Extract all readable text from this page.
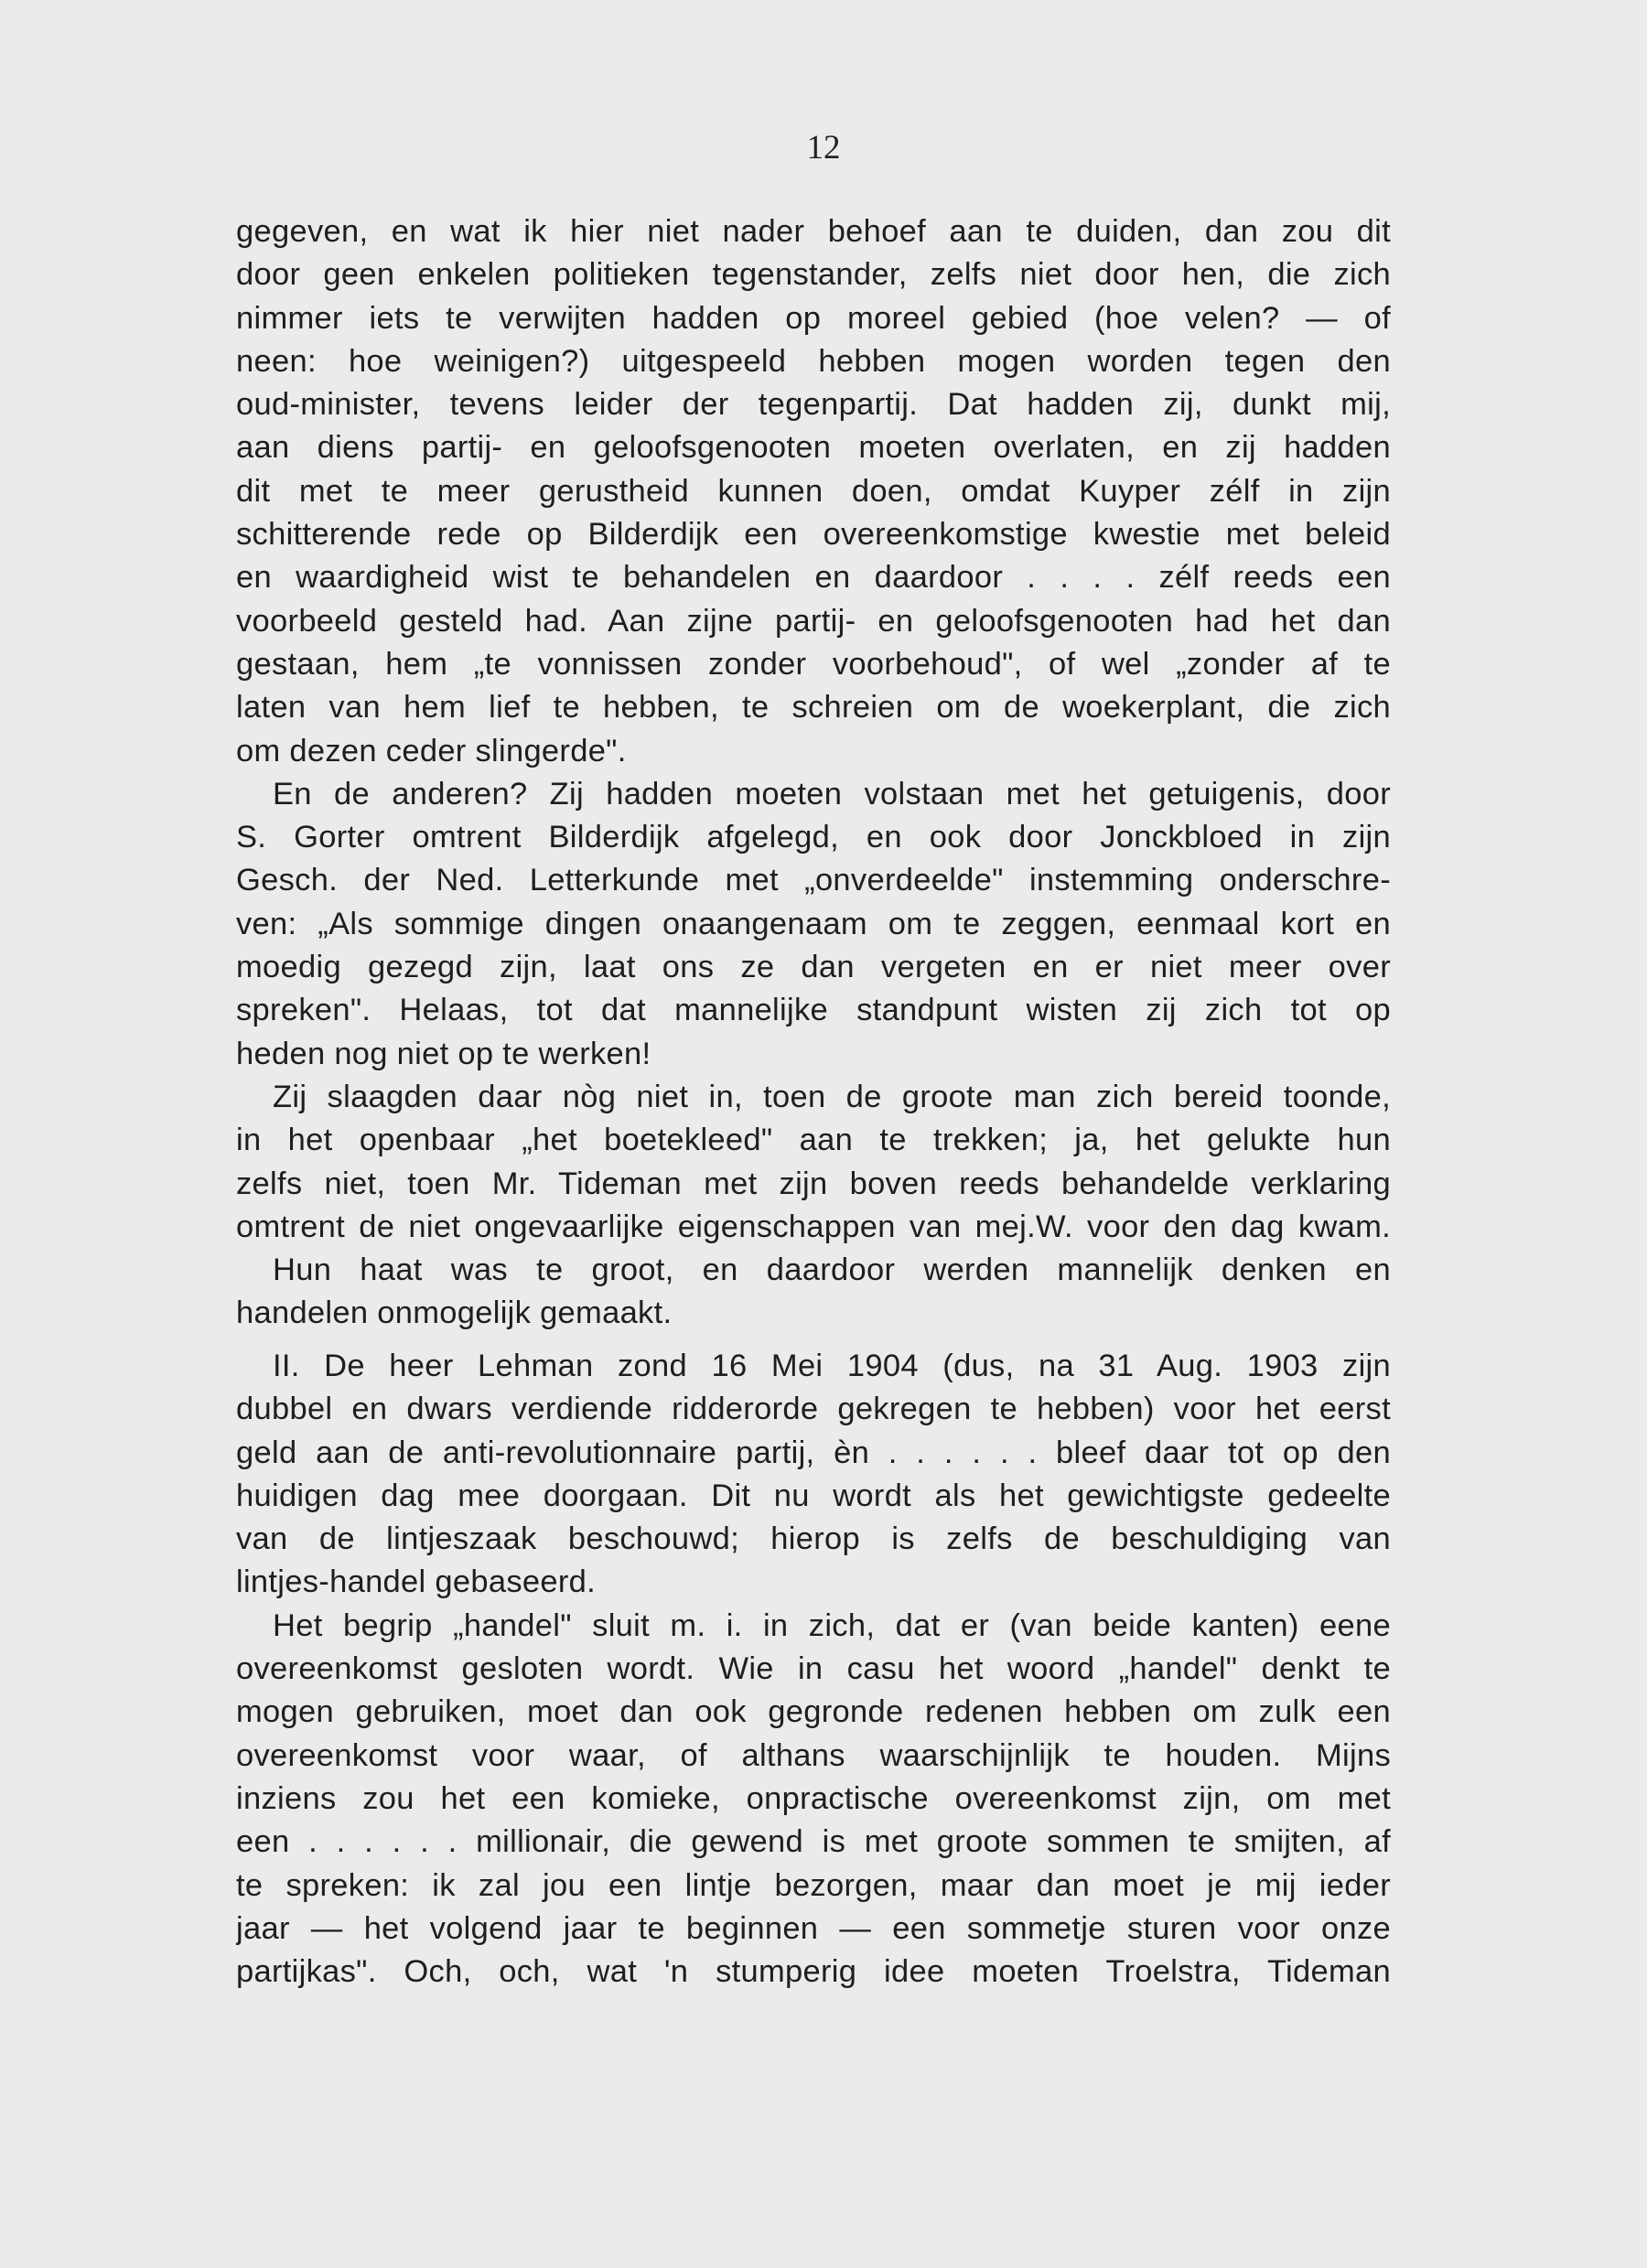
12
gegeven, en wat ik hier niet nader behoef aan te duiden, dan zou dit
door geen enkelen politieken tegenstander, zelfs niet door hen, die zich
nimmer iets te verwijten hadden op moreel gebied (hoe velen? — of
neen: hoe weinigen?) uitgespeeld hebben mogen worden tegen den
oud-minister, tevens leider der tegenpartij. Dat hadden zij, dunkt mij,
aan diens partij- en geloofsgenooten moeten overlaten, en zij hadden
dit met te meer gerustheid kunnen doen, omdat Kuyper zélf in zijn
schitterende rede op Bilderdijk een overeenkomstige kwestie met beleid
en waardigheid wist te behandelen en daardoor . . . . zélf reeds een
voorbeeld gesteld had. Aan zijne partij- en geloofsgenooten had het dan
gestaan, hem „te vonnissen zonder voorbehoud", of wel „zonder af te
laten van hem lief te hebben, te schreien om de woekerplant, die zich
om dezen ceder slingerde".
En de anderen? Zij hadden moeten volstaan met het getuigenis, door
S. Gorter omtrent Bilderdijk afgelegd, en ook door Jonckbloed in zijn
Gesch. der Ned. Letterkunde met „onverdeelde" instemming onderschre-
ven: „Als sommige dingen onaangenaam om te zeggen, eenmaal kort en
moedig gezegd zijn, laat ons ze dan vergeten en er niet meer over
spreken". Helaas, tot dat mannelijke standpunt wisten zij zich tot op
heden nog niet op te werken!
Zij slaagden daar nòg niet in, toen de groote man zich bereid toonde,
in het openbaar „het boetekleed" aan te trekken; ja, het gelukte hun
zelfs niet, toen Mr. Tideman met zijn boven reeds behandelde verklaring
omtrent de niet ongevaarlijke eigenschappen van mej.W. voor den dag kwam.
Hun haat was te groot, en daardoor werden mannelijk denken en
handelen onmogelijk gemaakt.
II. De heer Lehman zond 16 Mei 1904 (dus, na 31 Aug. 1903 zijn
dubbel en dwars verdiende ridderorde gekregen te hebben) voor het eerst
geld aan de anti-revolutionnaire partij, èn . . . . . . bleef daar tot op den
huidigen dag mee doorgaan. Dit nu wordt als het gewichtigste gedeelte
van de lintjeszaak beschouwd; hierop is zelfs de beschuldiging van
lintjes-handel gebaseerd.
Het begrip „handel" sluit m. i. in zich, dat er (van beide kanten) eene
overeenkomst gesloten wordt. Wie in casu het woord „handel" denkt te
mogen gebruiken, moet dan ook gegronde redenen hebben om zulk een
overeenkomst voor waar, of althans waarschijnlijk te houden. Mijns
inziens zou het een komieke, onpractische overeenkomst zijn, om met
een . . . . . . millionair, die gewend is met groote sommen te smijten, af
te spreken: ik zal jou een lintje bezorgen, maar dan moet je mij ieder
jaar — het volgend jaar te beginnen — een sommetje sturen voor onze
partijkas". Och, och, wat 'n stumperig idee moeten Troelstra, Tideman
